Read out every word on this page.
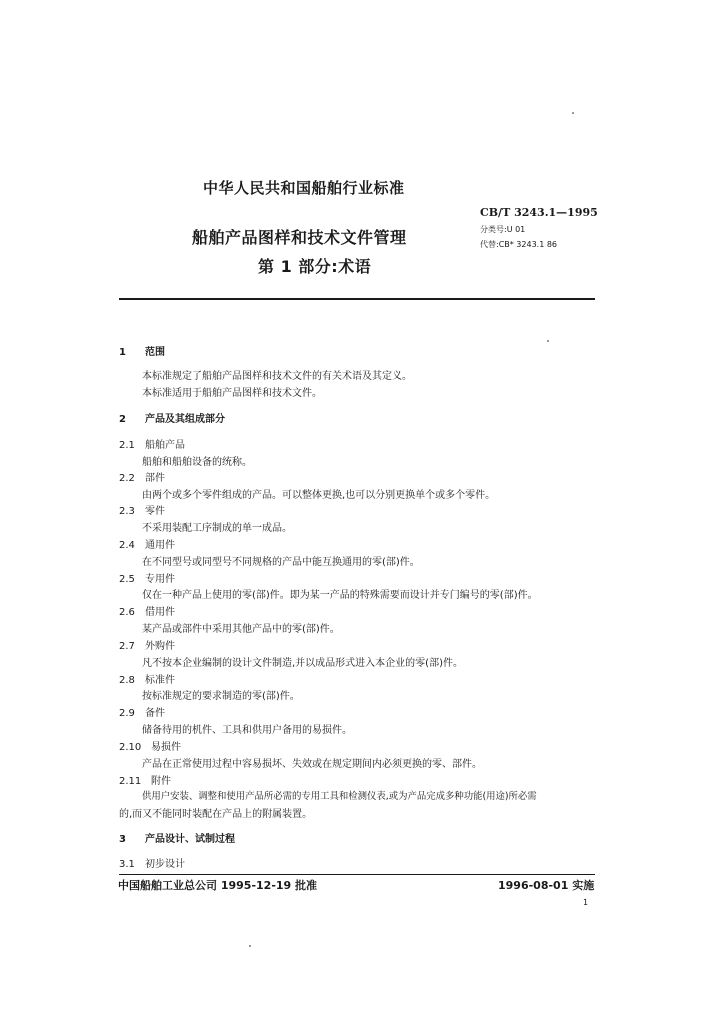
中华人民共和国船舶行业标准
船舶产品图样和技术文件管理
第 1 部分:术语
CB/T 3243.1—1995
分类号:U 01
代替:CB* 3243.1 86
1 范围
本标准规定了船舶产品图样和技术文件的有关术语及其定义。
本标准适用于船舶产品图样和技术文件。
2 产品及其组成部分
2.1 船舶产品
船舶和船舶设备的统称。
2.2 部件
由两个或多个零件组成的产品。可以整体更换,也可以分别更换单个或多个零件。
2.3 零件
不采用装配工序制成的单一成品。
2.4 通用件
在不同型号或同型号不同规格的产品中能互换通用的零(部)件。
2.5 专用件
仅在一种产品上使用的零(部)件。即为某一产品的特殊需要而设计并专门编号的零(部)件。
2.6 借用件
某产品或部件中采用其他产品中的零(部)件。
2.7 外购件
凡不按本企业编制的设计文件制造,并以成品形式进入本企业的零(部)件。
2.8 标准件
按标准规定的要求制造的零(部)件。
2.9 备件
储备待用的机件、工具和供用户备用的易损件。
2.10 易损件
产品在正常使用过程中容易损坏、失效或在规定期间内必须更换的零、部件。
2.11 附件
供用户安装、调整和使用产品所必需的专用工具和检测仪表,或为产品完成多种功能(用途)所必需
的,而又不能同时装配在产品上的附属装置。
3 产品设计、试制过程
3.1 初步设计
中国船舶工业总公司 1995-12-19 批准	1996-08-01 实施
1
